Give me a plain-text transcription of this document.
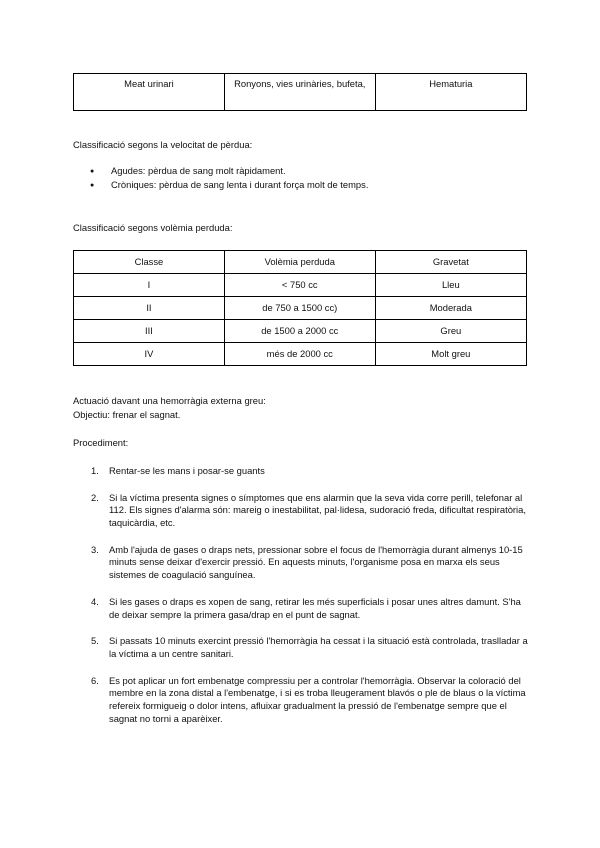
Meat urinari	Ronyons, vies urinàries, bufeta,	Hematuria

Classificació segons la velocitat de pèrdua:

● Agudes: pèrdua de sang molt ràpidament.
● Cròniques: pèrdua de sang lenta i durant força molt de temps.

Classificació segons volèmia perduda:

Classe	Volèmia perduda	Gravetat
I	< 750 cc	Lleu
II	de 750 a 1500 cc)	Moderada
III	de 1500 a 2000 cc	Greu
IV	més de 2000 cc	Molt greu

Actuació davant una hemorràgia externa greu:

Objectiu: frenar el sagnat.

Procediment:

1. Rentar-se les mans i posar-se guants
2. Si la víctima presenta signes o símptomes que ens alarmin que la seva vida corre perill, telefonar al 112. Els signes d'alarma són: mareig o inestabilitat, pal·lidesa, sudoració freda, dificultat respiratòria, taquicàrdia, etc.
3. Amb l'ajuda de gases o draps nets, pressionar sobre el focus de l'hemorràgia durant almenys 10-15 minuts sense deixar d'exercir pressió. En aquests minuts, l'organisme posa en marxa els seus sistemes de coagulació sanguínea.
4. Si les gases o draps es xopen de sang, retirar les més superficials i posar unes altres damunt. S'ha de deixar sempre la primera gasa/drap en el punt de sagnat.
5. Si passats 10 minuts exercint pressió l'hemorràgia ha cessat i la situació està controlada, traslladar a la víctima a un centre sanitari.
6. Es pot aplicar un fort embenatge compressiu per a controlar l'hemorràgia. Observar la coloració del membre en la zona distal a l'embenatge, i si es troba lleugerament blavós o ple de blaus o la víctima refereix formigueig o dolor intens, afluixar gradualment la pressió de l'embenatge sempre que el sagnat no torni a aparèixer.
